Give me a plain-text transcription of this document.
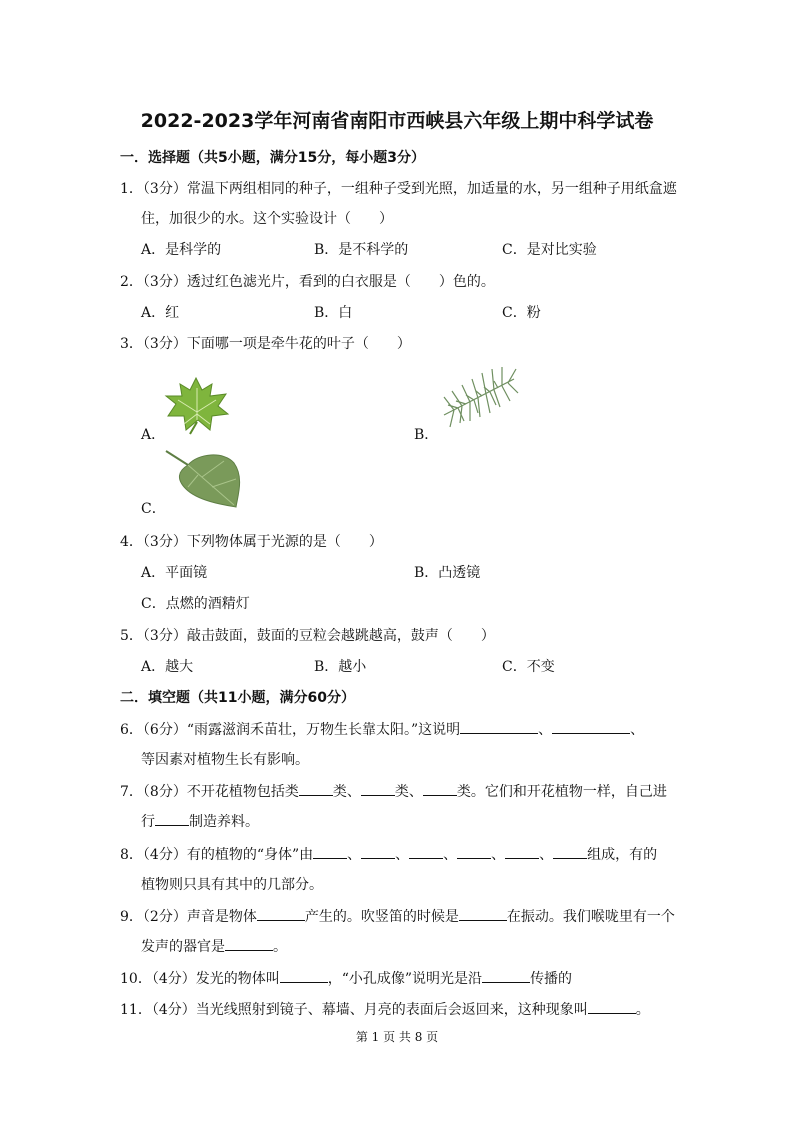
2022-2023学年河南省南阳市西峡县六年级上期中科学试卷
一．选择题（共5小题，满分15分，每小题3分）
1．（3分）常温下两组相同的种子，一组种子受到光照，加适量的水，另一组种子用纸盒遮
住，加很少的水。这个实验设计（　　）
A．是科学的	B．是不科学的	C．是对比实验
2．（3分）透过红色滤光片，看到的白衣服是（　　）色的。
A．红	B．白	C．粉
3．（3分）下面哪一项是牵牛花的叶子（　　）
A．	B．
C．
4．（3分）下列物体属于光源的是（　　）
A．平面镜	B．凸透镜
C．点燃的酒精灯
5．（3分）敲击鼓面，鼓面的豆粒会越跳越高，鼓声（　　）
A．越大	B．越小	C．不变
二．填空题（共11小题，满分60分）
6．（6分）“雨露滋润禾苗壮，万物生长靠太阳。”这说明	、	、
等因素对植物生长有影响。
7．（8分）不开花植物包括类 类、 类、 类。它们和开花植物一样，自己进
行 制造养料。
8．（4分）有的植物的“身体”由 、 、 、 、 、 组成，有的
植物则只具有其中的几部分。
9．（2分）声音是物体	产生的。吹竖笛的时候是	在振动。我们喉咙里有一个
发声的器官是	。
10．（4分）发光的物体叫	，“小孔成像”说明光是沿	传播的
11．（4分）当光线照射到镜子、幕墙、月亮的表面后会返回来，这种现象叫	。
第 1 页 共 8 页
